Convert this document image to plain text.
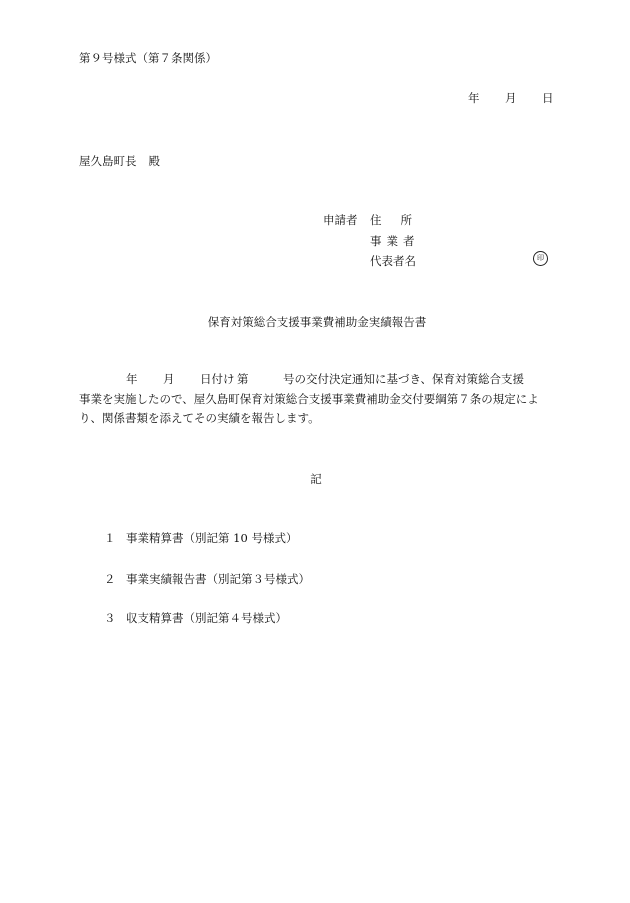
第９号様式（第７条関係）
年 月 日
屋久島町長 殿
申請者 住所
事業者
代表者名	印
保育対策総合支援事業費補助金実績報告書
年 月 日付け 第	号の交付決定通知に基づき、保育対策総合支援
事業を実施したので、屋久島町保育対策総合支援事業費補助金交付要綱第７条の規定によ
り、関係書類を添えてその実績を報告します。
記
１ 事業精算書（別記第 10 号様式）
２ 事業実績報告書（別記第３号様式）
３ 収支精算書（別記第４号様式）
